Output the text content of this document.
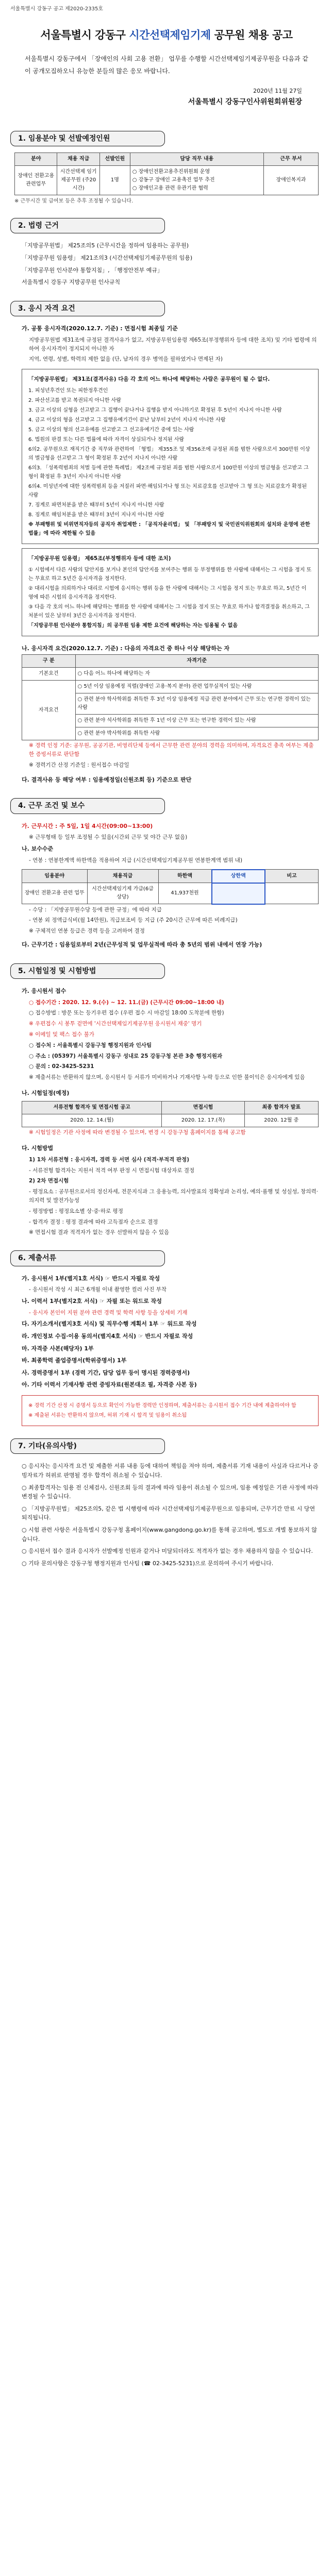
서울특별시 강동구 공고 제2020-2335호
서울특별시 강동구 시간선택제임기제 공무원 채용 공고

서울특별시 강동구에서 「장애인의 사회 고용 전환」 업무를 수행할 시간선택제임기제공무원을 다음과 같이 공개모집하오니 유능한 분들의 많은 응모 바랍니다.

2020년 11월 27일
서울특별시 강동구인사위원회위원장
1. 임용분야 및 선발예정인원
분야	채용 직급	선발인원	담당 직무 내용	근무 부서
장애인 전환고용 관련업무	시간선택제 임기제공무원 (주20시간)	1명	○ 장애인전환고용추진위원회 운영
○ 강동구 장애인 고용촉진 업무 추진
○ 장애인고용 관련 유관기관 협력	장애인복지과
※ 근무시간 및 급여보 등은 추후 조정될 수 있습니다.
2. 법령 근거
「지방공무원법」 제25조의5 (근무시간을 정하여 임용하는 공무원)
「지방공무원 임용령」 제21조의3 (시간선택제임기제공무원의 임용)
「지방공무원 인사분야 통합지침」, 「행정안전부 예규」
서울특별시 강동구 지방공무원 인사규칙
3. 응시 자격 요건
가. 공통 응시자격(2020.12.7. 기준) : 면접시험 최종일 기준
지방공무원법 제31조에 규정된 결격사유가 없고, 지방공무원임용령 제65조(부정행위자 등에 대한 조치) 및 기타 법령에 의하여 응시자격이 정지되지 아니한 자
지역, 연령, 성별, 학력의 제한 없음 (단, 남자의 경우 병역을 필하였거나 면제된 자)

「지방공무원법」 제31조(결격사유) 다음 각 호의 어느 하나에 해당하는 사람은 공무원이 될 수 없다.

1. 피성년후견인 또는 피한정후견인

2. 파산선고를 받고 복권되지 아니한 사람

3. 금고 이상의 실형을 선고받고 그 집행이 끝나거나 집행을 받지 아니하기로 확정된 후 5년이 지나지 아니한 사람

4. 금고 이상의 형을 선고받고 그 집행유예기간이 끝난 날부터 2년이 지나지 아니한 사람

5. 금고 이상의 형의 선고유예를 선고받고 그 선고유예기간 중에 있는 사람

6. 법원의 판결 또는 다른 법률에 따라 자격이 상실되거나 정지된 사람

6의2. 공무원으로 재직기간 중 직무와 관련하여 「형법」 제355조 및 제356조에 규정된 죄를 범한 사람으로서 300만원 이상의 벌금형을 선고받고 그 형이 확정된 후 2년이 지나지 아니한 사람

6의3. 「성폭력범죄의 처벌 등에 관한 특례법」 제2조에 규정된 죄를 범한 사람으로서 100만원 이상의 벌금형을 선고받고 그 형이 확정된 후 3년이 지나지 아니한 사람

6의4. 미성년자에 대한 성폭력범죄 등을 저질러 파면·해임되거나 형 또는 치료감호를 선고받아 그 형 또는 치료감호가 확정된 사람

7. 징계로 파면처분을 받은 때부터 5년이 지나지 아니한 사람

8. 징계로 해임처분을 받은 때부터 3년이 지나지 아니한 사람

※ 부패행위 및 비위면직자등의 공직자 취업제한 : 「공직자윤리법」 및 「부패방지 및 국민권익위원회의 설치와 운영에 관한 법률」에 따라 제한될 수 있음

「지방공무원 임용령」 제65조(부정행위자 등에 대한 조치)

① 시험에서 다른 사람의 답안지를 보거나 본인의 답안지를 보여주는 행위 등 부정행위를 한 사람에 대해서는 그 시험을 정지 또는 무효로 하고 5년간 응시자격을 정지한다.

② 대리시험을 의뢰하거나 대리로 시험에 응시하는 행위 등을 한 사람에 대해서는 그 시험을 정지 또는 무효로 하고, 5년간 이 영에 따른 시험의 응시자격을 정지한다.

③ 다음 각 호의 어느 하나에 해당하는 행위를 한 사람에 대해서는 그 시험을 정지 또는 무효로 하거나 합격결정을 취소하고, 그 처분이 있은 날부터 3년간 응시자격을 정지한다.

「지방공무원 인사분야 통합지침」의 공무원 임용 제한 요건에 해당하는 자는 임용될 수 없음

나. 응시자격 요건(2020.12.7. 기준) : 다음의 자격요건 중 하나 이상 해당하는 자
구 분	자격기준
기본요건	○ 다음 어느 하나에 해당하는 자
자격요건	○ 5년 이상 임용예정 직렬(장애인 고용·복지 분야) 관련 업무실적이 있는 사람
	○ 관련 분야 학사학위를 취득한 후 3년 이상 임용예정 직급 관련 분야에서 근무 또는 연구한 경력이 있는 사람
	○ 관련 분야 석사학위를 취득한 후 1년 이상 근무 또는 연구한 경력이 있는 사람
	○ 관련 분야 박사학위를 취득한 사람
※ 경력 인정 기준: 공무원, 공공기관, 비영리단체 등에서 근무한 관련 분야의 경력을 의미하며, 자격요건 충족 여부는 제출한 증빙서류로 판단함
※ 경력기간 산정 기준일 : 원서접수 마감일
다. 결격사유 등 해당 여부 : 임용예정일(신원조회 등) 기준으로 판단
4. 근무 조건 및 보수
가. 근무시간 : 주 5일, 1일 4시간(09:00~13:00)
※ 근무형태 등 일부 조정될 수 있음(시간외 근무 및 야간 근무 없음)
나. 보수수준
- 연봉 : 연봉한계액 하한액을 적용하여 지급 (시간선택제임기제공무원 연봉한계액 범위 내)
임용분야	채용직급	하한액	상한액	비고
장애인 전환고용 관련 업무	시간선택제임기제 가급(6급상당)	41,937천원		
- 수당 : 「지방공무원수당 등에 관한 규정」에 따라 지급
- 연봉 외 정액급식비(월 14만원), 직급보조비 등 지급 (주 20시간 근무에 따른 비례지급)
※ 구체적인 연봉 등급은 경력 등을 고려하여 결정
다. 근무기간 : 임용일로부터 2년(근무성적 및 업무실적에 따라 총 5년의 범위 내에서 연장 가능)
5. 시험일정 및 시험방법
가. 응시원서 접수
○ 접수기간 : 2020. 12. 9.(수) ~ 12. 11.(금) (근무시간 09:00~18:00 내)
○ 접수방법 : 방문 또는 등기우편 접수 (우편 접수 시 마감일 18:00 도착분에 한함)
※ 우편접수 시 봉투 겉면에 '시간선택제임기제공무원 응시원서 재중' 명기
※ 이메일 및 팩스 접수 불가
○ 접수처 : 서울특별시 강동구청 행정지원과 인사팀
○ 주소 : (05397) 서울특별시 강동구 성내로 25 강동구청 본관 3층 행정지원과
○ 문의 : 02-3425-5231
※ 제출서류는 반환하지 않으며, 응시원서 등 서류가 미비하거나 기재사항 누락 등으로 인한 불이익은 응시자에게 있음
나. 시험일정(예정)
서류전형 합격자 및 면접시험 공고	면접시험	최종 합격자 발표
2020. 12. 14.(월)	2020. 12. 17.(목)	2020. 12월 중
※ 시험일정은 기관 사정에 따라 변경될 수 있으며, 변경 시 강동구청 홈페이지를 통해 공고함
다. 시험방법
1) 1차 서류전형 : 응시자격, 경력 등 서면 심사 (적격·부적격 판정)
- 서류전형 합격자는 지원서 적격 여부 판정 시 면접시험 대상자로 결정
2) 2차 면접시험
- 평정요소 : 공무원으로서의 정신자세, 전문지식과 그 응용능력, 의사발표의 정확성과 논리성, 예의·품행 및 성실성, 창의력·의지력 및 발전가능성
- 평정방법 : 평정요소별 상·중·하로 평정
- 합격자 결정 : 평정 결과에 따라 고득점자 순으로 결정
※ 면접시험 결과 적격자가 없는 경우 선발하지 않을 수 있음
6. 제출서류
가. 응시원서 1부(별지1호 서식) ☞ 반드시 자필로 작성
- 응시원서 작성 시 최근 6개월 이내 촬영한 컬러 사진 부착
나. 이력서 1부(별지2호 서식) ☞ 자필 또는 워드로 작성
- 응시자 본인이 지원 분야 관련 경력 및 학력 사항 등을 상세히 기재
다. 자기소개서(별지3호 서식) 및 직무수행 계획서 1부 ☞ 워드로 작성
라. 개인정보 수집·이용 동의서(별지4호 서식) ☞ 반드시 자필로 작성
마. 자격증 사본(해당자) 1부
바. 최종학력 졸업증명서(학위증명서) 1부
사. 경력증명서 1부 (경력 기간, 담당 업무 등이 명시된 경력증명서)
아. 기타 이력서 기재사항 관련 증빙자료(원본대조 필, 자격증 사본 등)

※ 경력 기간 산정 시 증명서 등으로 확인이 가능한 경력만 인정하며, 제출서류는 응시원서 접수 기간 내에 제출하여야 함

※ 제출된 서류는 반환하지 않으며, 허위 기재 시 합격 및 임용이 취소됨

7. 기타(유의사항)
○ 응시자는 응시자격 요건 및 제출한 서류 내용 등에 대하여 책임을 져야 하며, 제출서류 기재 내용이 사실과 다르거나 증빙자료가 허위로 판명될 경우 합격이 취소될 수 있습니다.
○ 최종합격자는 임용 전 신체검사, 신원조회 등의 결과에 따라 임용이 취소될 수 있으며, 임용 예정일은 기관 사정에 따라 변경될 수 있습니다.
○ 「지방공무원법」 제25조의5, 같은 법 시행령에 따라 시간선택제임기제공무원으로 임용되며, 근무기간 만료 시 당연 퇴직됩니다.
○ 시험 관련 사항은 서울특별시 강동구청 홈페이지(www.gangdong.go.kr)를 통해 공고하며, 별도로 개별 통보하지 않습니다.
○ 응시원서 접수 결과 응시자가 선발예정 인원과 같거나 미달되더라도 적격자가 없는 경우 채용하지 않을 수 있습니다.
○ 기타 문의사항은 강동구청 행정지원과 인사팀 (☎ 02-3425-5231)으로 문의하여 주시기 바랍니다.
